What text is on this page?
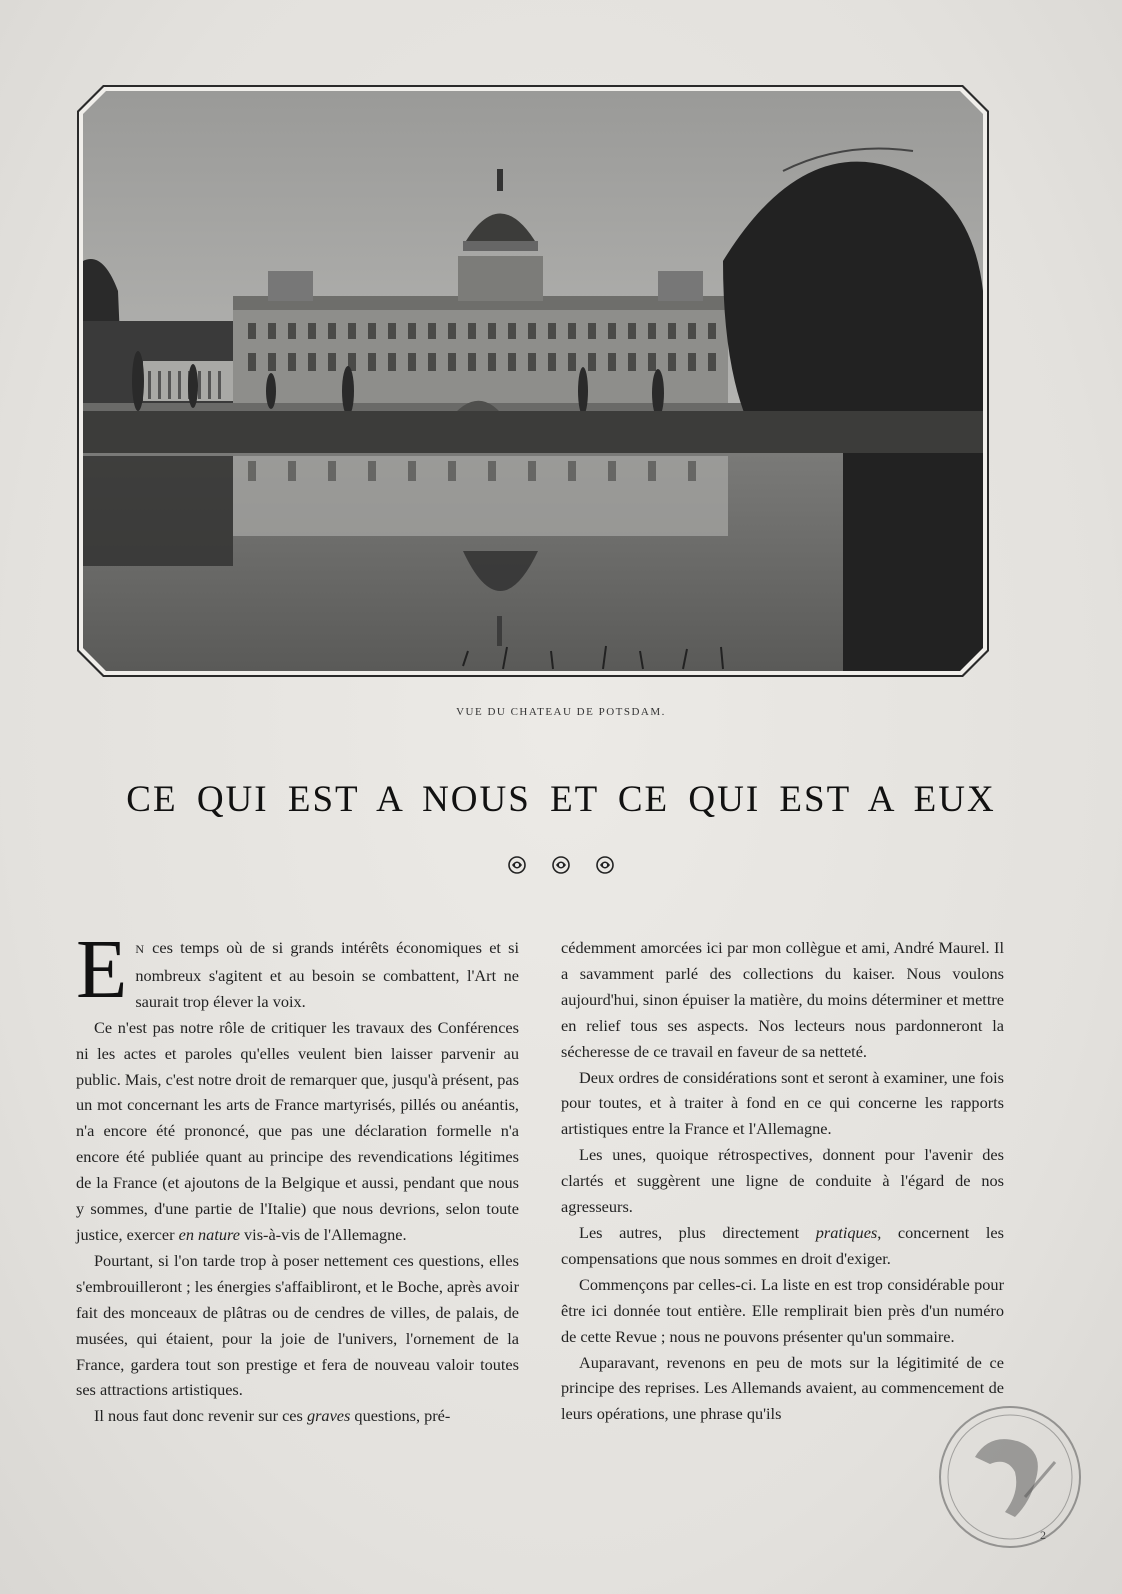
VUE DU CHATEAU DE POTSDAM.
CE QUI EST A NOUS ET CE QUI EST A EUX

E N ces temps où de si grands intérêts économiques et si nombreux s'agitent et au besoin se combattent, l'Art ne saurait trop élever la voix.

Ce n'est pas notre rôle de critiquer les travaux des Conférences ni les actes et paroles qu'elles veulent bien laisser parvenir au public. Mais, c'est notre droit de remarquer que, jusqu'à présent, pas un mot concernant les arts de France martyrisés, pillés ou anéantis, n'a encore été prononcé, que pas une déclaration formelle n'a encore été publiée quant au principe des revendications légitimes de la France (et ajoutons de la Belgique et aussi, pendant que nous y sommes, d'une partie de l'Italie) que nous devrions, selon toute justice, exercer en nature vis-à-vis de l'Allemagne.

Pourtant, si l'on tarde trop à poser nettement ces questions, elles s'embrouilleront ; les énergies s'affaibliront, et le Boche, après avoir fait des monceaux de plâtras ou de cendres de villes, de palais, de musées, qui étaient, pour la joie de l'univers, l'ornement de la France, gardera tout son prestige et fera de nouveau valoir toutes ses attractions artistiques.

Il nous faut donc revenir sur ces graves questions, pré-

cédemment amorcées ici par mon collègue et ami, André Maurel. Il a savamment parlé des collections du kaiser. Nous voulons aujourd'hui, sinon épuiser la matière, du moins déterminer et mettre en relief tous ses aspects. Nos lecteurs nous pardonneront la sécheresse de ce travail en faveur de sa netteté.

Deux ordres de considérations sont et seront à examiner, une fois pour toutes, et à traiter à fond en ce qui concerne les rapports artistiques entre la France et l'Allemagne.

Les unes, quoique rétrospectives, donnent pour l'avenir des clartés et suggèrent une ligne de conduite à l'égard de nos agresseurs.

Les autres, plus directement pratiques, concernent les compensations que nous sommes en droit d'exiger.

Commençons par celles-ci. La liste en est trop considérable pour être ici donnée tout entière. Elle remplirait bien près d'un numéro de cette Revue ; nous ne pouvons présenter qu'un sommaire.

Auparavant, revenons en peu de mots sur la légitimité de ce principe des reprises. Les Allemands avaient, au commencement de leurs opérations, une phrase qu'ils

2
